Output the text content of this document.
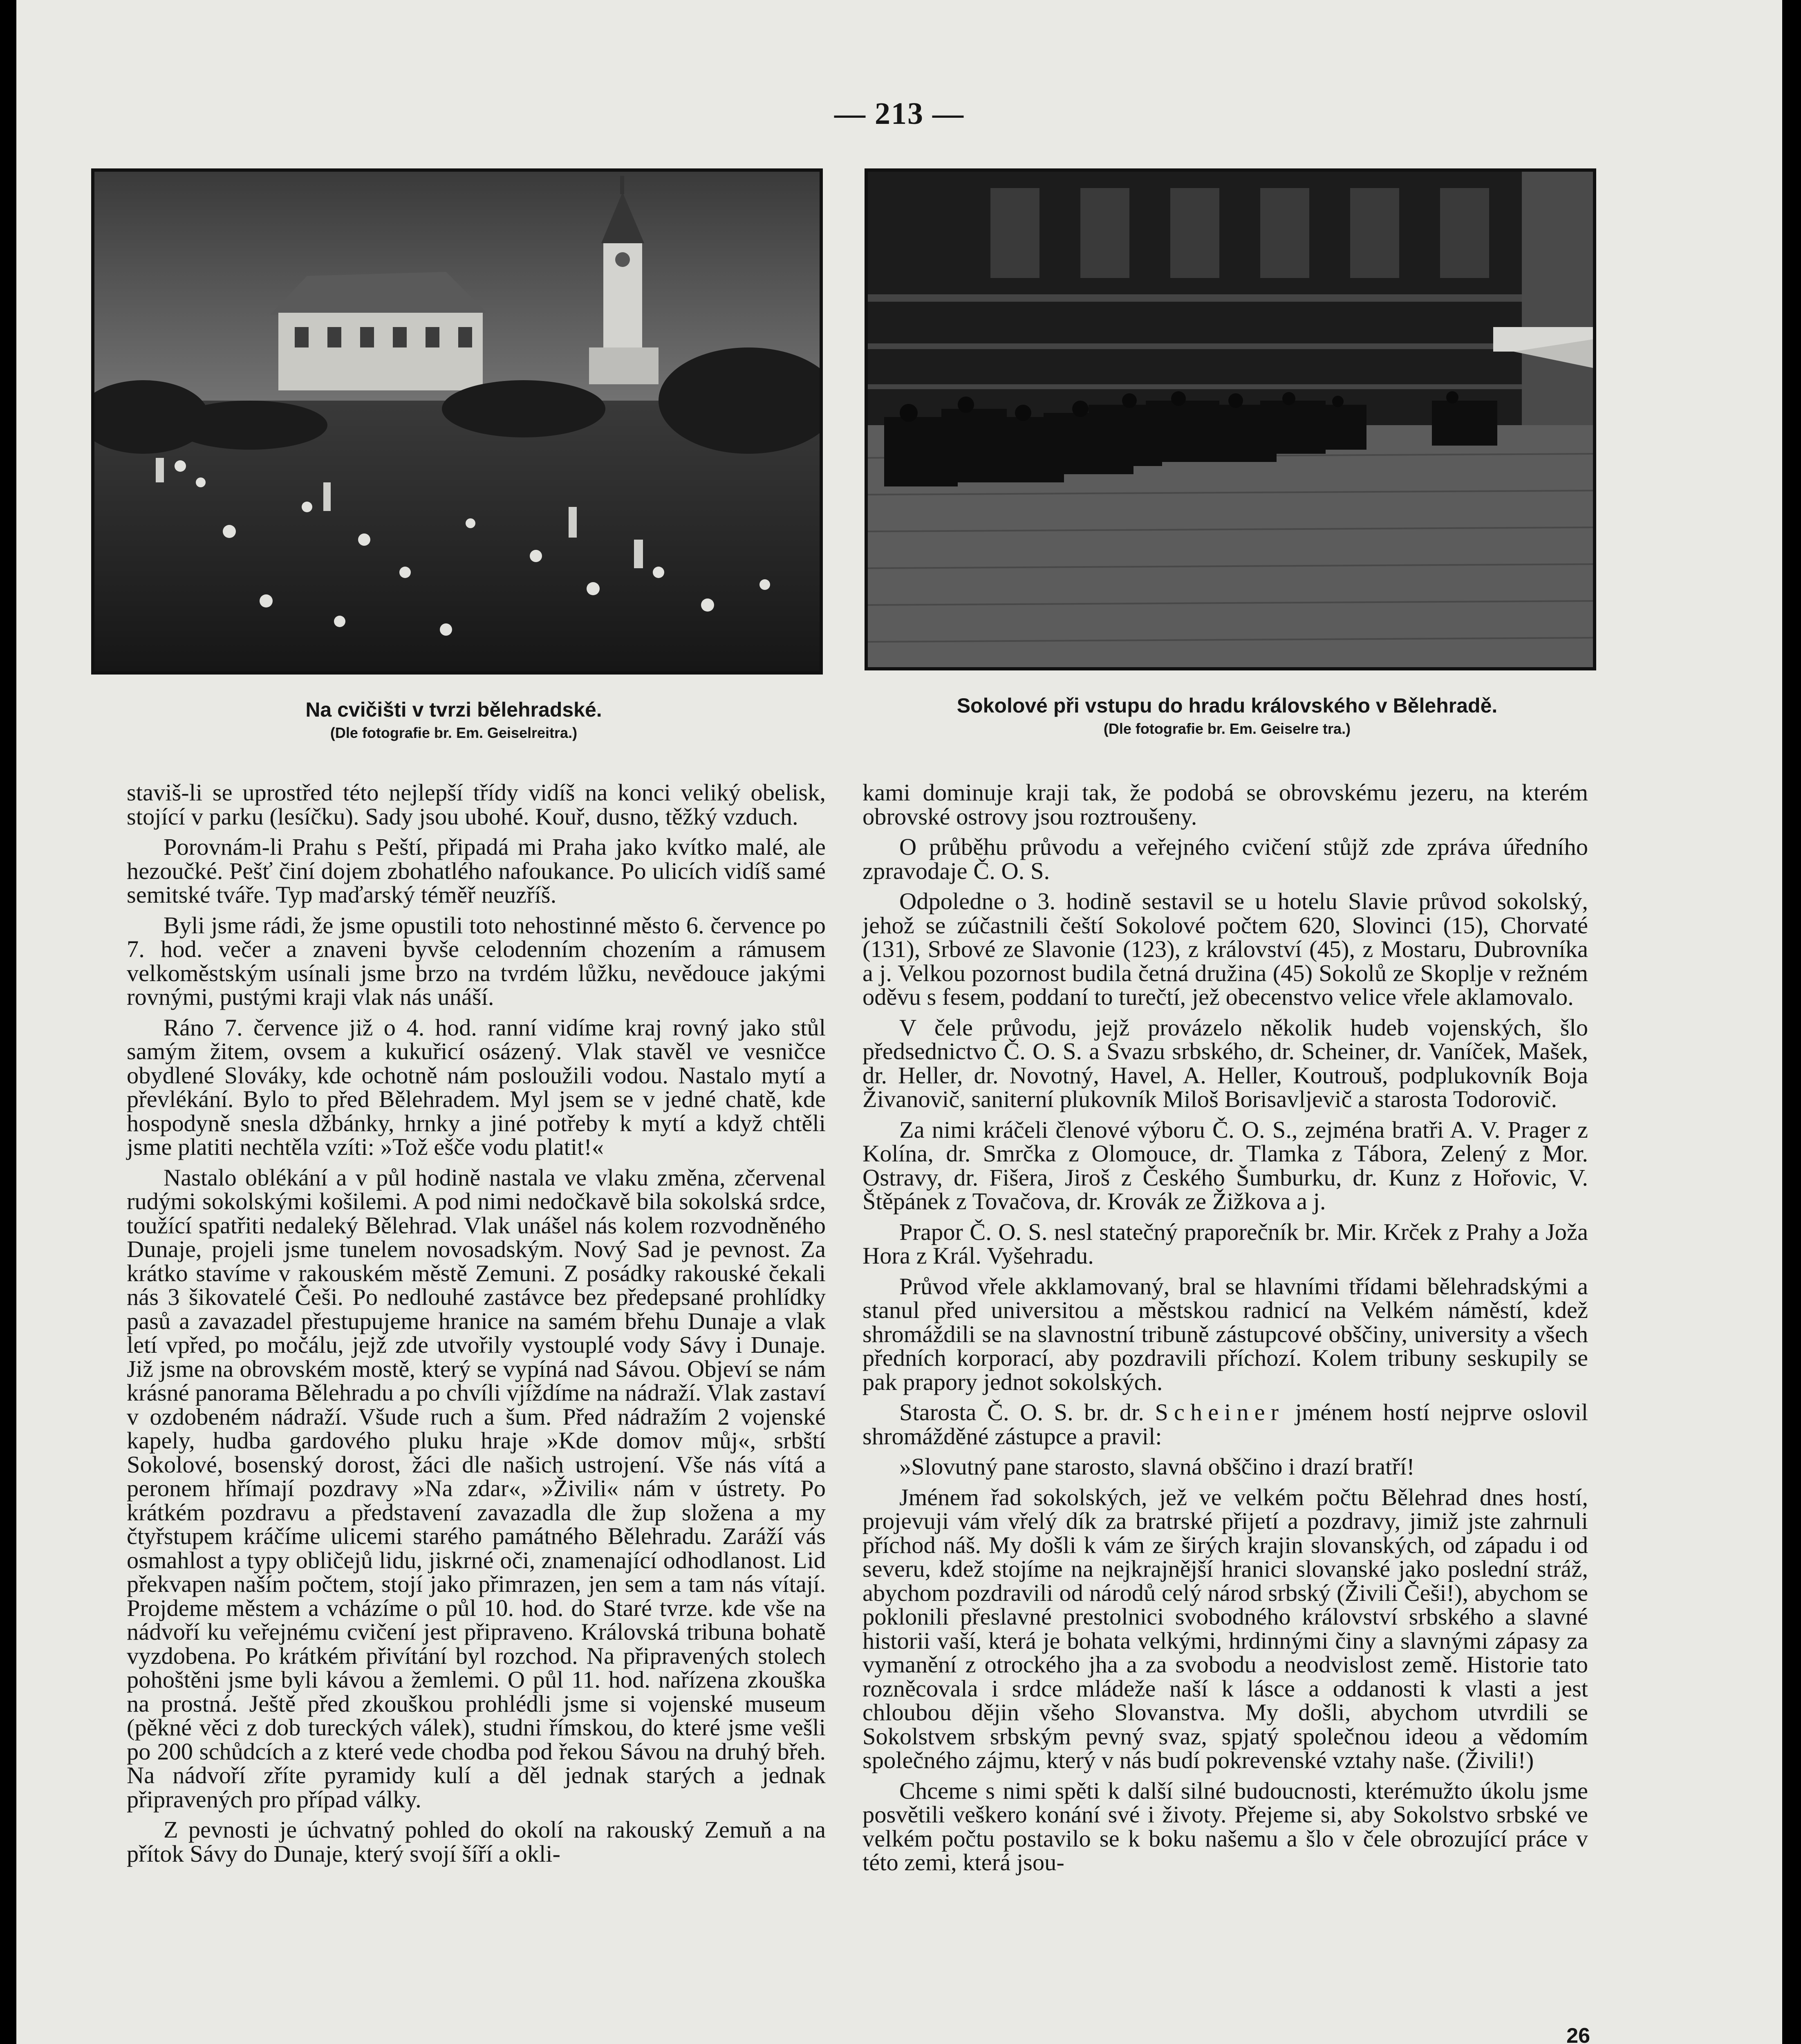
— 213 —
Na cvičišti v tvrzi bělehradské.
(Dle fotografie br. Em. Geiselreitra.)
Sokolové při vstupu do hradu královského v Bělehradě.
(Dle fotografie br. Em. Geiselre tra.)

staviš-li se uprostřed této nejlepší třídy vidíš na konci veliký obelisk, stojící v parku (lesíčku). Sady jsou ubohé. Kouř, dusno, těžký vzduch.

Porovnám-li Prahu s Peští, připadá mi Praha jako kvítko malé, ale hezoučké. Pešť činí dojem zbohatlého nafoukance. Po ulicích vidíš samé semitské tváře. Typ maďarský téměř neuzříš.

Byli jsme rádi, že jsme opustili toto nehostinné město 6. července po 7. hod. večer a znaveni byvše celodenním chozením a rámusem velkoměstským usínali jsme brzo na tvrdém lůžku, nevědouce jakými rovnými, pustými kraji vlak nás unáší.

Ráno 7. července již o 4. hod. ranní vidíme kraj rovný jako stůl samým žitem, ovsem a kukuřicí osázený. Vlak stavěl ve vesničce obydlené Slováky, kde ochotně nám posloužili vodou. Nastalo mytí a převlékání. Bylo to před Bělehradem. Myl jsem se v jedné chatě, kde hospodyně snesla džbánky, hrnky a jiné potřeby k mytí a když chtěli jsme platiti nechtěla vzíti: »Tož ešče vodu platit!«

Nastalo oblékání a v půl hodině nastala ve vlaku změna, zčervenal rudými sokolskými košilemi. A pod nimi nedočkavě bila sokolská srdce, toužící spatřiti nedaleký Bělehrad. Vlak unášel nás kolem rozvodněného Dunaje, projeli jsme tunelem novosadským. Nový Sad je pevnost. Za krátko stavíme v rakouském městě Zemuni. Z posádky rakouské čekali nás 3 šikovatelé Češi. Po nedlouhé zastávce bez předepsané prohlídky pasů a zavazadel přestupujeme hranice na samém břehu Dunaje a vlak letí vpřed, po močálu, jejž zde utvořily vystouplé vody Sávy i Dunaje. Již jsme na obrovském mostě, který se vypíná nad Sávou. Objeví se nám krásné panorama Bělehradu a po chvíli vjíždíme na nádraží. Vlak zastaví v ozdobeném nádraží. Všude ruch a šum. Před nádražím 2 vojenské kapely, hudba gardového pluku hraje »Kde domov můj«, srbští Sokolové, bosenský dorost, žáci dle našich ustrojení. Vše nás vítá a peronem hřímají pozdravy »Na zdar«, »Živili« nám v ústrety. Po krátkém pozdravu a představení zavazadla dle žup složena a my čtyřstupem kráčíme ulicemi starého památného Bělehradu. Zaráží vás osmahlost a typy obličejů lidu, jiskrné oči, znamenající odhodlanost. Lid překvapen naším počtem, stojí jako přimrazen, jen sem a tam nás vítají. Projdeme městem a vcházíme o půl 10. hod. do Staré tvrze. kde vše na nádvoří ku veřejnému cvičení jest připraveno. Královská tribuna bohatě vyzdobena. Po krátkém přivítání byl rozchod. Na připravených stolech pohoštěni jsme byli kávou a žemlemi. O půl 11. hod. nařízena zkouška na prostná. Ještě před zkouškou prohlédli jsme si vojenské museum (pěkné věci z dob tureckých válek), studni římskou, do které jsme vešli po 200 schůdcích a z které vede chodba pod řekou Sávou na druhý břeh. Na nádvoří zříte pyramidy kulí a děl jednak starých a jednak připravených pro případ války.

Z pevnosti je úchvatný pohled do okolí na rakouský Zemuň a na přítok Sávy do Dunaje, který svojí šíří a okli-

kami dominuje kraji tak, že podobá se obrovskému jezeru, na kterém obrovské ostrovy jsou roztroušeny.

O průběhu průvodu a veřejného cvičení stůjž zde zpráva úředního zpravodaje Č. O. S.

Odpoledne o 3. hodině sestavil se u hotelu Slavie průvod sokolský, jehož se zúčastnili čeští Sokolové počtem 620, Slovinci (15), Chorvaté (131), Srbové ze Slavonie (123), z království (45), z Mostaru, Dubrovníka a j. Velkou pozornost budila četná družina (45) Sokolů ze Skoplje v režném oděvu s fesem, poddaní to turečtí, jež obecenstvo velice vřele aklamovalo.

V čele průvodu, jejž provázelo několik hudeb vojenských, šlo předsednictvo Č. O. S. a Svazu srbského, dr. Scheiner, dr. Vaníček, Mašek, dr. Heller, dr. Novotný, Havel, A. Heller, Koutrouš, podplukovník Boja Živanovič, saniterní plukovník Miloš Borisavljevič a starosta Todorovič.

Za nimi kráčeli členové výboru Č. O. S., zejména bratři A. V. Prager z Kolína, dr. Smrčka z Olomouce, dr. Tlamka z Tábora, Zelený z Mor. Ostravy, dr. Fišera, Jiroš z Českého Šumburku, dr. Kunz z Hořovic, V. Štěpánek z Tovačova, dr. Krovák ze Žižkova a j.

Prapor Č. O. S. nesl statečný praporečník br. Mir. Krček z Prahy a Joža Hora z Král. Vyšehradu.

Průvod vřele akklamovaný, bral se hlavními třídami bělehradskými a stanul před universitou a městskou radnicí na Velkém náměstí, kdež shromáždili se na slavnostní tribuně zástupcové obščiny, university a všech předních korporací, aby pozdravili příchozí. Kolem tribuny seskupily se pak prapory jednot sokolských.

Starosta Č. O. S. br. dr. Scheiner jménem hostí nejprve oslovil shromážděné zástupce a pravil:

»Slovutný pane starosto, slavná obščino i drazí bratří!

Jménem řad sokolských, jež ve velkém počtu Bělehrad dnes hostí, projevuji vám vřelý dík za bratrské přijetí a pozdravy, jimiž jste zahrnuli příchod náš. My došli k vám ze širých krajin slovanských, od západu i od severu, kdež stojíme na nejkrajnější hranici slovanské jako poslední stráž, abychom pozdravili od národů celý národ srbský (Živili Češi!), abychom se poklonili přeslavné prestolnici svobodného království srbského a slavné historii vaší, která je bohata velkými, hrdinnými činy a slavnými zápasy za vymanění z otrockého jha a za svobodu a neodvislost země. Historie tato rozněcovala i srdce mládeže naší k lásce a oddanosti k vlasti a jest chloubou dějin všeho Slovanstva. My došli, abychom utvrdili se Sokolstvem srbským pevný svaz, spjatý společnou ideou a vědomím společného zájmu, který v nás budí pokrevenské vztahy naše. (Živili!)

Chceme s nimi spěti k další silné budoucnosti, kterémužto úkolu jsme posvětili veškero konání své i životy. Přejeme si, aby Sokolstvo srbské ve velkém počtu postavilo se k boku našemu a šlo v čele obrozující práce v této zemi, která jsou-

26
